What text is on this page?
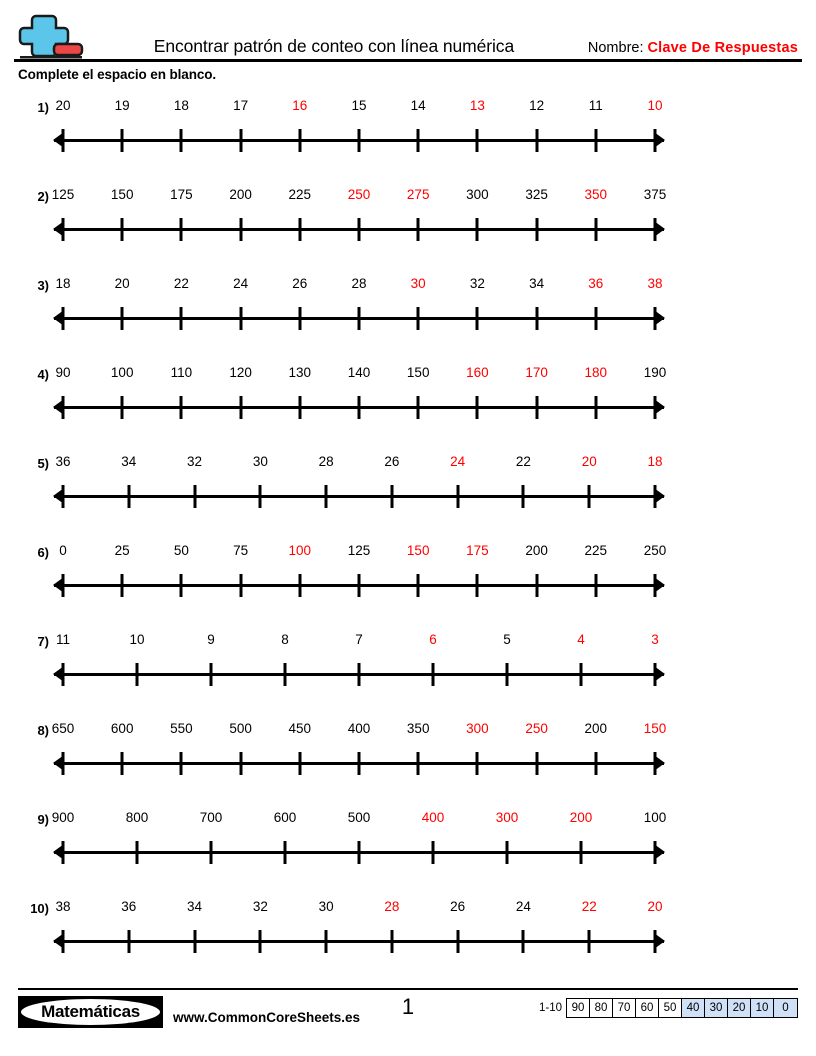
Encontrar patrón de conteo con línea numérica	Nombre: Clave De Respuestas
Complete el espacio en blanco.
1) 20	19	18	17	16	15	14	13	12	11	10
2) 125	150	175	200	225	250	275	300	325	350	375
3) 18	20	22	24	26	28	30	32	34	36	38
4) 90	100	110	120	130	140	150	160	170	180	190
5) 36	34	32	30	28	26	24	22	20	18
6) 0	25	50	75	100	125	150	175	200	225	250
7) 11	10	9	8	7	6	5	4	3
8) 650	600	550	500	450	400	350	300	250	200	150
9) 900	800	700	600	500	400	300	200	100
10) 38	36	34	32	30	28	26	24	22	20
Matemáticas	www.CommonCoreSheets.es	1	1-10 90 80 70 60 50 40 30 20 10	0
